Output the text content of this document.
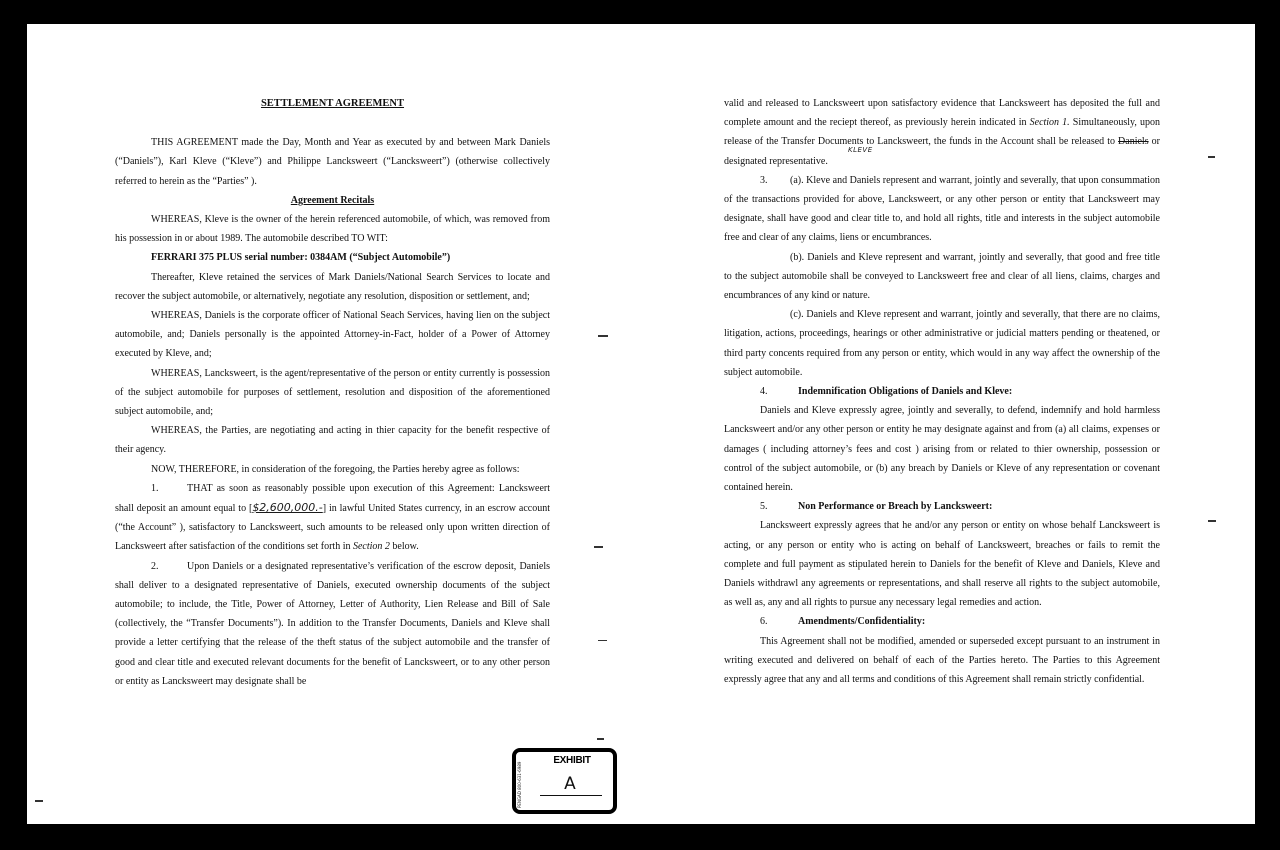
SETTLEMENT AGREEMENT

THIS AGREEMENT made the Day, Month and Year as executed by and between Mark Daniels (“Daniels”), Karl Kleve (“Kleve”) and Philippe Lancksweert (“Lancksweert”) (otherwise collectively referred to herein as the “Parties” ).

Agreement Recitals

WHEREAS, Kleve is the owner of the herein referenced automobile, of which, was removed from his possession in or about 1989. The automobile described TO WIT:

FERRARI 375 PLUS serial number: 0384AM (“Subject Automobile”)

Thereafter, Kleve retained the services of Mark Daniels/National Search Services to locate and recover the subject automobile, or alternatively, negotiate any resolution, disposition or settlement, and;

WHEREAS, Daniels is the corporate officer of National Seach Services, having lien on the subject automobile, and; Daniels personally is the appointed Attorney-in-Fact, holder of a Power of Attorney executed by Kleve, and;

WHEREAS, Lancksweert, is the agent/representative of the person or entity currently is possession of the subject automobile for purposes of settlement, resolution and disposition of the aforementioned subject automobile, and;

WHEREAS, the Parties, are negotiating and acting in thier capacity for the benefit respective of their agency.

NOW, THEREFORE, in consideration of the foregoing, the Parties hereby agree as follows:

1.	THAT as soon as reasonably possible upon execution of this Agreement: Lancksweert shall deposit an amount equal to [$2,600,000.-] in lawful United States currency, in an escrow account (“the Account” ), satisfactory to Lancksweert, such amounts to be released only upon written direction of Lancksweert after satisfaction of the conditions set forth in Section 2 below.

2.	Upon Daniels or a designated representative’s verification of the escrow deposit, Daniels shall deliver to a designated representative of Daniels, executed ownership documents of the subject automobile; to include, the Title, Power of Attorney, Letter of Authority, Lien Release and Bill of Sale (collectively, the “Transfer Documents”). In addition to the Transfer Documents, Daniels and Kleve shall provide a letter certifying that the release of the theft status of the subject automobile and the transfer of good and clear title and executed relevant documents for the benefit of Lancksweert, or to any other person or entity as Lancksweert may designate shall be

valid and released to Lancksweert upon satisfactory evidence that Lancksweert has deposited the full and complete amount and the reciept thereof, as previously herein indicated in Section 1. Simultaneously, upon release of the Transfer Documents to Lancksweert, the funds in the Account shall be released to Daniels or designated representative.

KLEVE

3. (a). Kleve and Daniels represent and warrant, jointly and severally, that upon consummation of the transactions provided for above, Lancksweert, or any other person or entity that Lancksweert may designate, shall have good and clear title to, and hold all rights, title and interests in the subject automobile free and clear of any claims, liens or encumbrances.

(b). Daniels and Kleve represent and warrant, jointly and severally, that good and free title to the subject automobile shall be conveyed to Lancksweert free and clear of all liens, claims, charges and encumbrances of any kind or nature.

(c). Daniels and Kleve represent and warrant, jointly and severally, that there are no claims, litigation, actions, proceedings, hearings or other administrative or judicial matters pending or theatened, or third party concents required from any person or entity, which would in any way affect the ownership of the subject automobile.

4.	Indemnification Obligations of Daniels and Kleve:

Daniels and Kleve expressly agree, jointly and severally, to defend, indemnify and hold harmless Lancksweert and/or any other person or entity he may designate against and from (a) all claims, expenses or damages ( including attorney’s fees and cost ) arising from or related to thier ownership, possession or control of the subject automobile, or (b) any breach by Daniels or Kleve of any representation or covenant contained herein.

5.	Non Performance or Breach by Lancksweert:

Lancksweert expressly agrees that he and/or any person or entity on whose behalf Lancksweert is acting, or any person or entity who is acting on behalf of Lancksweert, breaches or fails to remit the complete and full payment as stipulated herein to Daniels for the benefit of Kleve and Daniels, Kleve and Daniels withdrawl any agreements or representations, and shall reserve all rights to the subject automobile, as well as, any and all rights to pursue any necessary legal remedies and action.

6.	Amendments/Confidentiality:

This Agreement shall not be modified, amended or superseded except pursuant to an instrument in writing executed and delivered on behalf of each of the Parties hereto. The Parties to this Agreement expressly agree that any and all terms and conditions of this Agreement shall remain strictly confidential.

PENGAD 800-631-6989
EXHIBIT
A
